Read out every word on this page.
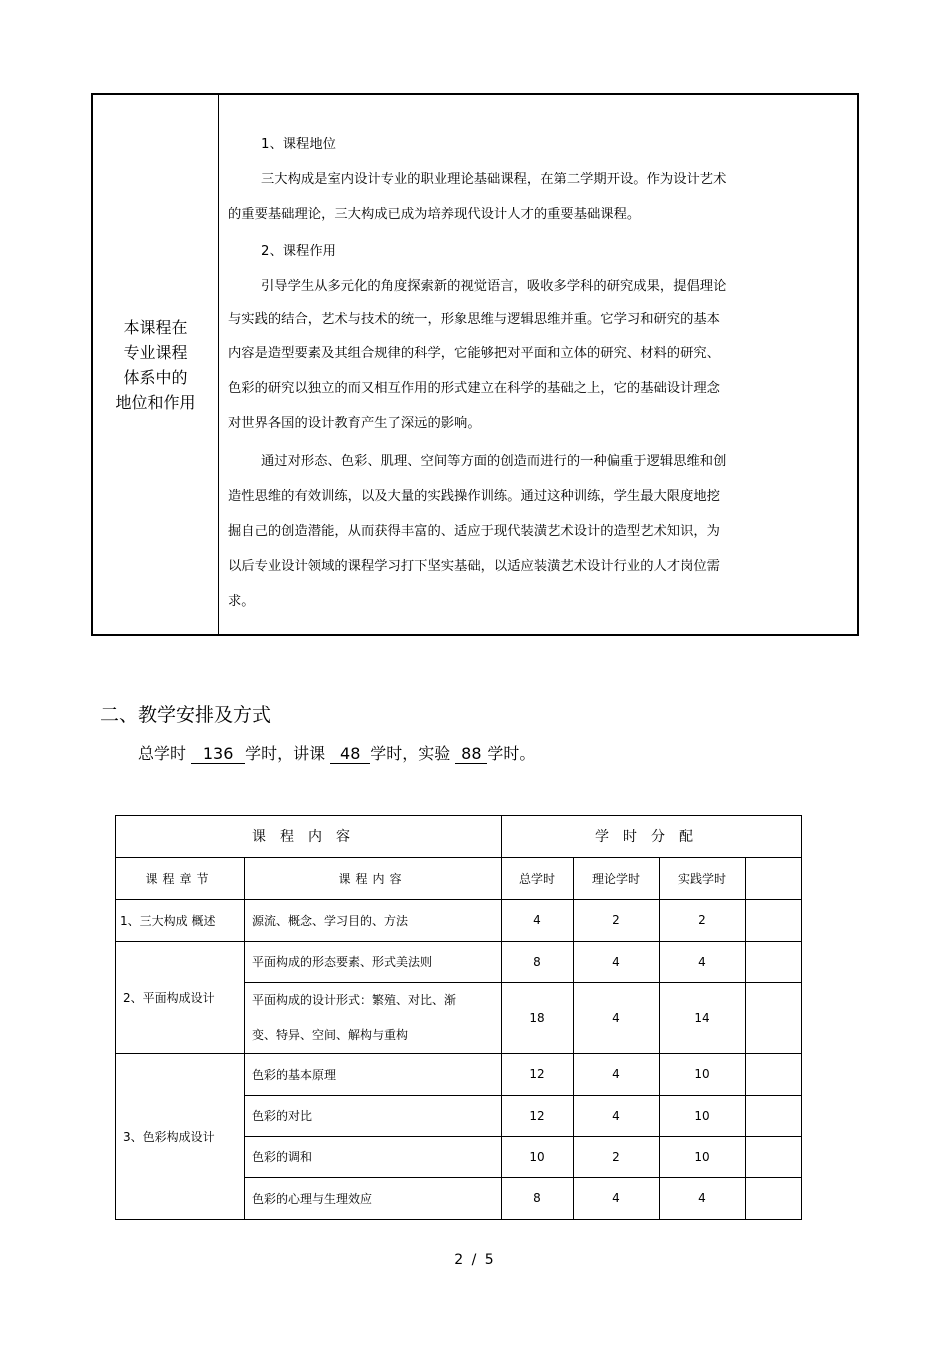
本课程在
专业课程
体系中的
地位和作用
1、课程地位
三大构成是室内设计专业的职业理论基础课程，在第二学期开设。作为设计艺术
的重要基础理论，三大构成已成为培养现代设计人才的重要基础课程。
2、课程作用
引导学生从多元化的角度探索新的视觉语言，吸收多学科的研究成果，提倡理论
与实践的结合，艺术与技术的统一，形象思维与逻辑思维并重。它学习和研究的基本
内容是造型要素及其组合规律的科学，它能够把对平面和立体的研究、材料的研究、
色彩的研究以独立的而又相互作用的形式建立在科学的基础之上，它的基础设计理念
对世界各国的设计教育产生了深远的影响。
通过对形态、色彩、肌理、空间等方面的创造而进行的一种偏重于逻辑思维和创
造性思维的有效训练，以及大量的实践操作训练。通过这种训练，学生最大限度地挖
掘自己的创造潜能，从而获得丰富的、适应于现代装潢艺术设计的造型艺术知识，为
以后专业设计领域的课程学习打下坚实基础，以适应装潢艺术设计行业的人才岗位需
求。
二、教学安排及方式
总学时 136 学时，讲课 48 学时，实验 88 学时。
课程内容	学时分配
课程章节	课程内容	总学时	理论学时	实践学时
1、三大构成 概述	源流、概念、学习目的、方法	4	2	2
2、平面构成设计
平面构成的形态要素、形式美法则	8	4	4
平面构成的设计形式：繁殖、对比、渐
变、特异、空间、解构与重构
18	4	14
3、色彩构成设计
色彩的基本原理	12	4	10
色彩的对比	12	4	10
色彩的调和	10	2	10
色彩的心理与生理效应	8	4	4
2 / 5
